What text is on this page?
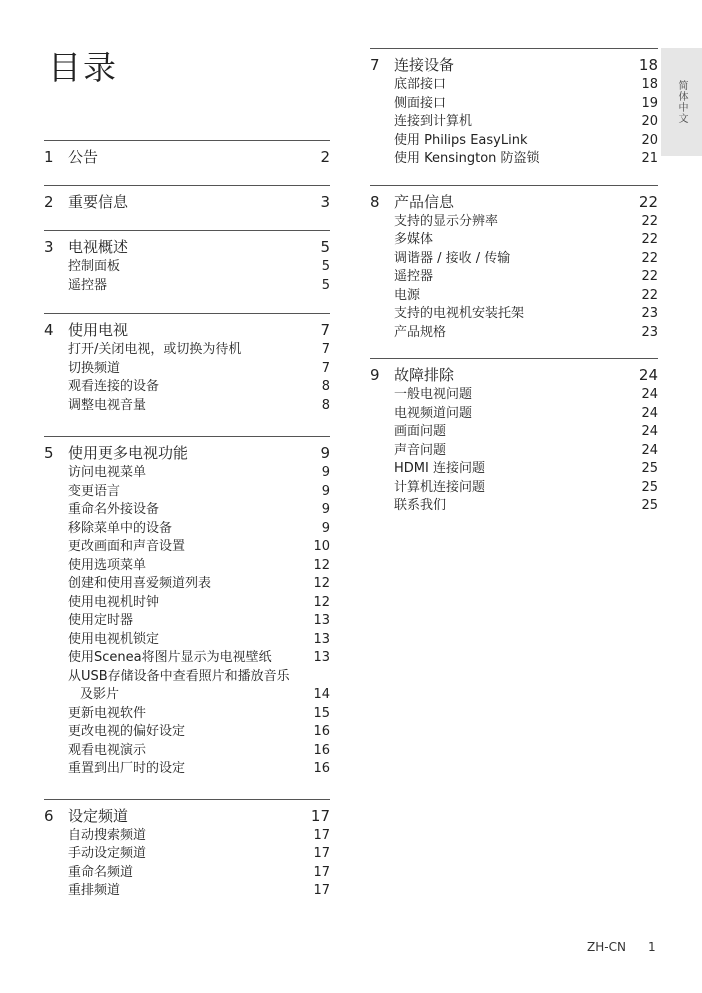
目录
1 公告	2
2 重要信息	3
3 电视概述	5
控制面板	5
遥控器	5
4 使用电视	7
打开/关闭电视，或切换为待机	7
切换频道	7
观看连接的设备	8
调整电视音量	8
5 使用更多电视功能	9
访问电视菜单	9
变更语言	9
重命名外接设备	9
移除菜单中的设备	9
更改画面和声音设置	10
使用选项菜单	12
创建和使用喜爱频道列表	12
使用电视机时钟	12
使用定时器	13
使用电视机锁定	13
使用Scenea将图片显示为电视壁纸	13
从USB存储设备中查看照片和播放音乐
及影片	14
更新电视软件	15
更改电视的偏好设定	16
观看电视演示	16
重置到出厂时的设定	16
6 设定频道	17
自动搜索频道	17
手动设定频道	17
重命名频道	17
重排频道	17
7 连接设备	18
底部接口	18
侧面接口	19
连接到计算机	20
使用 Philips EasyLink	20
使用 Kensington 防盗锁	21
8 产品信息	22
支持的显示分辨率	22
多媒体	22
调谐器 / 接收 / 传输	22
遥控器	22
电源	22
支持的电视机安装托架	23
产品规格	23
9 故障排除	24
一般电视问题	24
电视频道问题	24
画面问题	24
声音问题	24
HDMI 连接问题	25
计算机连接问题	25
联系我们	25
简体中文
ZH-CN 1
